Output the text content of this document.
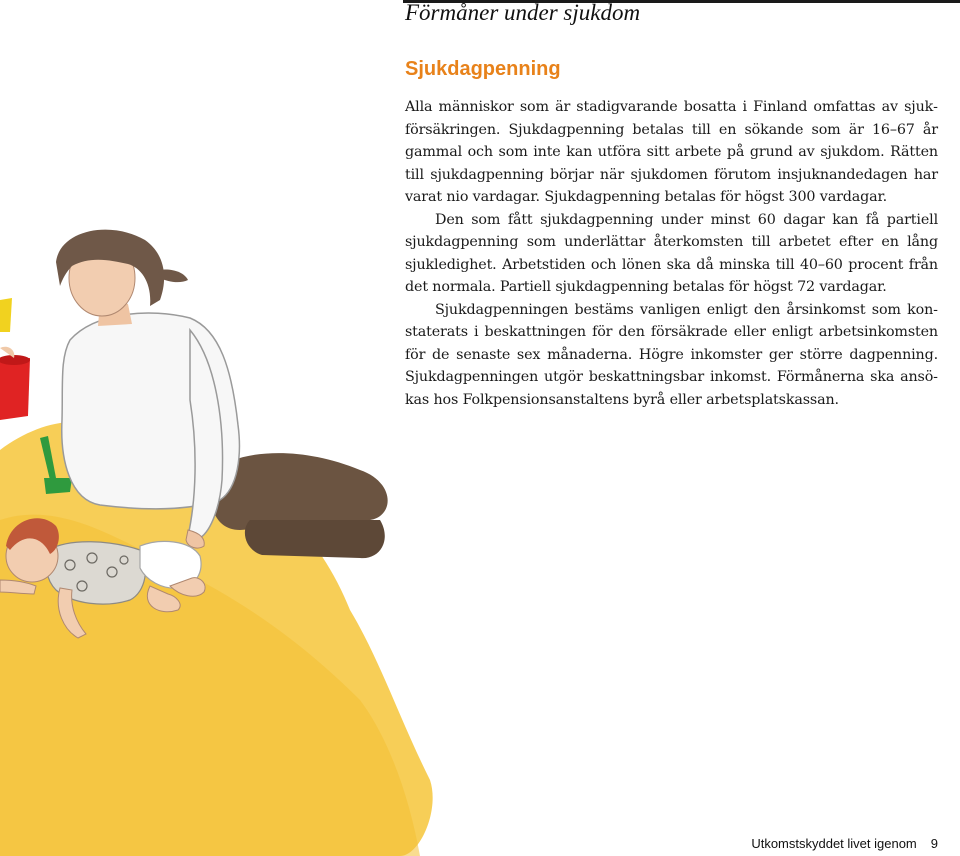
Förmåner under sjukdom
Sjukdagpenning

Alla människor som är stadigvarande bosatta i Finland omfattas av sjukförsäkringen. Sjukdagpenning betalas till en sökande som är 16–67 år gammal och som inte kan utföra sitt arbete på grund av sjukdom. Rätten till sjukdagpenning börjar när sjukdomen förutom insjuknandedagen har varat nio vardagar. Sjukdagpenning betalas för högst 300 vardagar.

Den som fått sjukdagpenning under minst 60 dagar kan få partiell sjukdagpenning som underlättar återkomsten till arbetet efter en lång sjukledighet. Arbetstiden och lönen ska då minska till 40–60 procent från det normala. Partiell sjukdagpenning betalas för högst 72 vardagar.

Sjukdagpenningen bestäms vanligen enligt den årsinkomst som konstaterats i beskattningen för den försäkrade eller enligt arbetsinkomsten för de senaste sex månaderna. Högre inkomster ger större dagpenning. Sjukdagpenningen utgör beskattningsbar inkomst. Förmånerna ska ansökas hos Folkpensionsanstaltens byrå eller arbetsplatskassan.

Utkomstskyddet livet igenom 9
